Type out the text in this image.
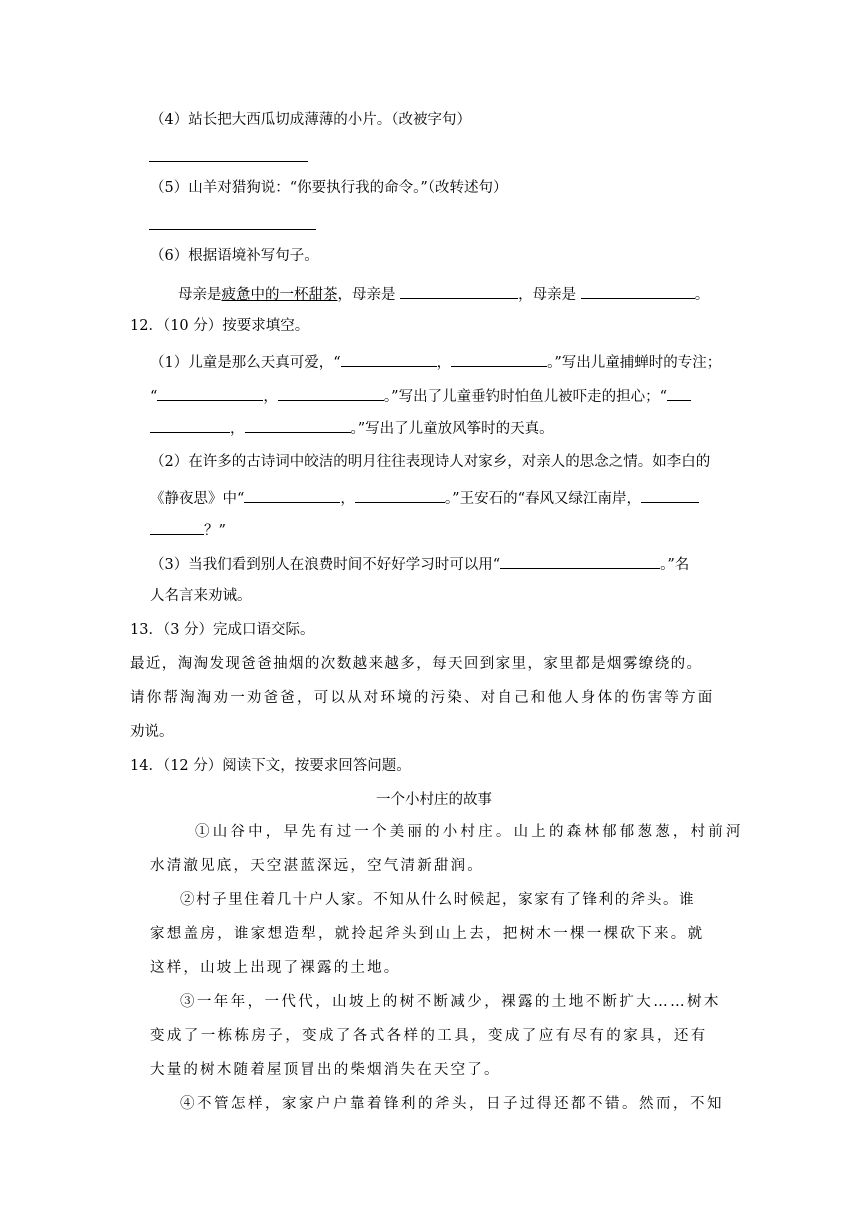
（4）站长把大西瓜切成薄薄的小片。（改被字句）
（5）山羊对猎狗说：“你要执行我的命令。”（改转述句）
（6）根据语境补写句子。
母亲是疲惫中的一杯甜茶，母亲是	，母亲是	。
12．（10 分）按要求填空。
（1）儿童是那么天真可爱，“	，	。”写出儿童捕蝉时的专注；
“	，	。”写出了儿童垂钓时怕鱼儿被吓走的担心；“
，	。”写出了儿童放风筝时的天真。
（2）在许多的古诗词中皎洁的明月往往表现诗人对家乡，对亲人的思念之情。如李白的
《静夜思》中“	，	。”王安石的“春风又绿江南岸，
？”
（3）当我们看到别人在浪费时间不好好学习时可以用“	。”名
人名言来劝诫。
13．（3 分）完成口语交际。
最近，淘淘发现爸爸抽烟的次数越来越多，每天回到家里，家里都是烟雾缭绕的。
请你帮淘淘劝一劝爸爸，可以从对环境的污染、对自己和他人身体的伤害等方面
劝说。
14．（12 分）阅读下文，按要求回答问题。
一个小村庄的故事
①山谷中，早先有过一个美丽的小村庄。山上的森林郁郁葱葱，村前河
水清澈见底，天空湛蓝深远，空气清新甜润。
②村子里住着几十户人家。不知从什么时候起，家家有了锋利的斧头。谁
家想盖房，谁家想造犁，就拎起斧头到山上去，把树木一棵一棵砍下来。就
这样，山坡上出现了裸露的土地。
③一年年，一代代，山坡上的树不断减少，裸露的土地不断扩大……树木
变成了一栋栋房子，变成了各式各样的工具，变成了应有尽有的家具，还有
大量的树木随着屋顶冒出的柴烟消失在天空了。
④不管怎样，家家户户靠着锋利的斧头，日子过得还都不错。然而，不知
